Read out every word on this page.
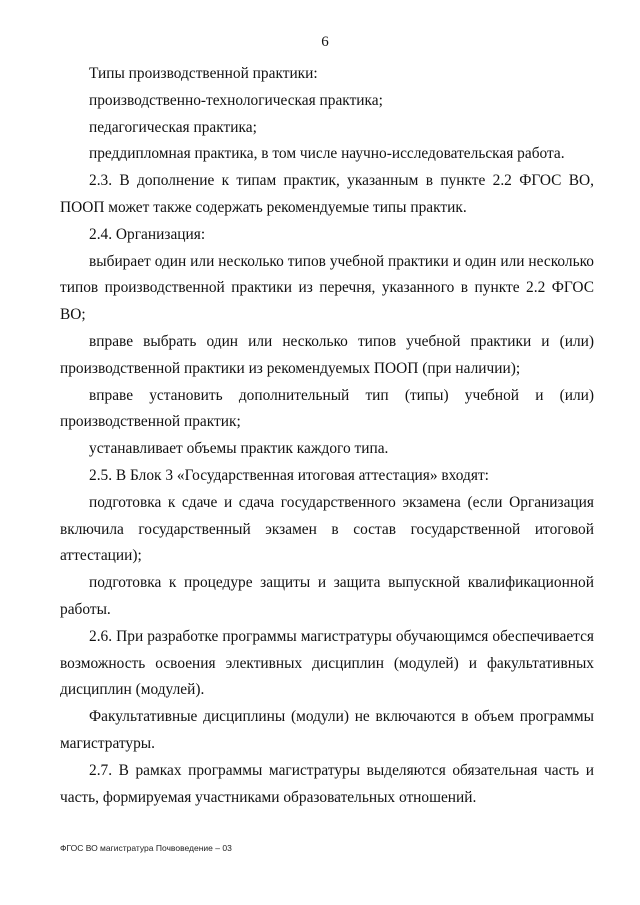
6

Типы производственной практики:

производственно-технологическая практика;

педагогическая практика;

преддипломная практика, в том числе научно-исследовательская работа.

2.3. В дополнение к типам практик, указанным в пункте 2.2 ФГОС ВО, ПООП может также содержать рекомендуемые типы практик.

2.4. Организация:

выбирает один или несколько типов учебной практики и один или несколько типов производственной практики из перечня, указанного в пункте 2.2 ФГОС ВО;

вправе выбрать один или несколько типов учебной практики и (или) производственной практики из рекомендуемых ПООП (при наличии);

вправе установить дополнительный тип (типы) учебной и (или) производственной практик;

устанавливает объемы практик каждого типа.

2.5. В Блок 3 «Государственная итоговая аттестация» входят:

подготовка к сдаче и сдача государственного экзамена (если Организация включила государственный экзамен в состав государственной итоговой аттестации);

подготовка к процедуре защиты и защита выпускной квалификационной работы.

2.6. При разработке программы магистратуры обучающимся обеспечивается возможность освоения элективных дисциплин (модулей) и факультативных дисциплин (модулей).

Факультативные дисциплины (модули) не включаются в объем программы магистратуры.

2.7. В рамках программы магистратуры выделяются обязательная часть и часть, формируемая участниками образовательных отношений.

ФГОС ВО магистратура Почвоведение – 03
